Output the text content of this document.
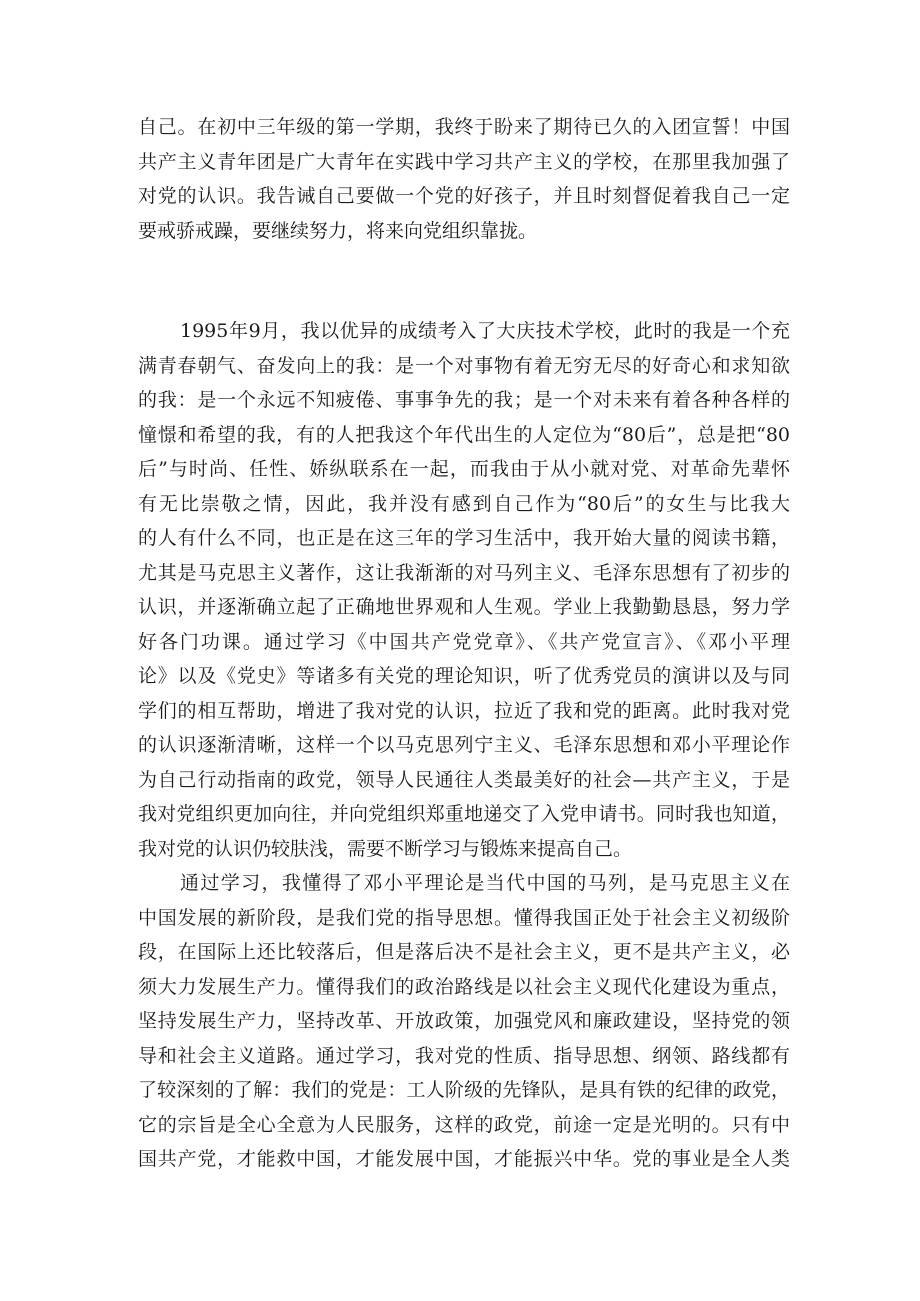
自己。在初中三年级的第一学期，我终于盼来了期待已久的入团宣誓！中国
共产主义青年团是广大青年在实践中学习共产主义的学校，在那里我加强了
对党的认识。我告诫自己要做一个党的好孩子，并且时刻督促着我自己一定
要戒骄戒躁，要继续努力，将来向党组织靠拢。
1995年9月，我以优异的成绩考入了大庆技术学校，此时的我是一个充
满青春朝气、奋发向上的我：是一个对事物有着无穷无尽的好奇心和求知欲
的我：是一个永远不知疲倦、事事争先的我；是一个对未来有着各种各样的
憧憬和希望的我，有的人把我这个年代出生的人定位为“80后”，总是把“80
后”与时尚、任性、娇纵联系在一起，而我由于从小就对党、对革命先辈怀
有无比崇敬之情，因此，我并没有感到自己作为“80后”的女生与比我大
的人有什么不同，也正是在这三年的学习生活中，我开始大量的阅读书籍，
尤其是马克思主义著作，这让我渐渐的对马列主义、毛泽东思想有了初步的
认识，并逐渐确立起了正确地世界观和人生观。学业上我勤勤恳恳，努力学
好各门功课。通过学习《中国共产党党章》、《共产党宣言》、《邓小平理
论》以及《党史》等诸多有关党的理论知识，听了优秀党员的演讲以及与同
学们的相互帮助，增进了我对党的认识，拉近了我和党的距离。此时我对党
的认识逐渐清晰，这样一个以马克思列宁主义、毛泽东思想和邓小平理论作
为自己行动指南的政党，领导人民通往人类最美好的社会—共产主义，于是
我对党组织更加向往，并向党组织郑重地递交了入党申请书。同时我也知道，
我对党的认识仍较肤浅，需要不断学习与锻炼来提高自己。
通过学习，我懂得了邓小平理论是当代中国的马列，是马克思主义在
中国发展的新阶段，是我们党的指导思想。懂得我国正处于社会主义初级阶
段，在国际上还比较落后，但是落后决不是社会主义，更不是共产主义，必
须大力发展生产力。懂得我们的政治路线是以社会主义现代化建设为重点，
坚持发展生产力，坚持改革、开放政策，加强党风和廉政建设，坚持党的领
导和社会主义道路。通过学习，我对党的性质、指导思想、纲领、路线都有
了较深刻的了解：我们的党是：工人阶级的先锋队，是具有铁的纪律的政党，
它的宗旨是全心全意为人民服务，这样的政党，前途一定是光明的。只有中
国共产党，才能救中国，才能发展中国，才能振兴中华。党的事业是全人类
